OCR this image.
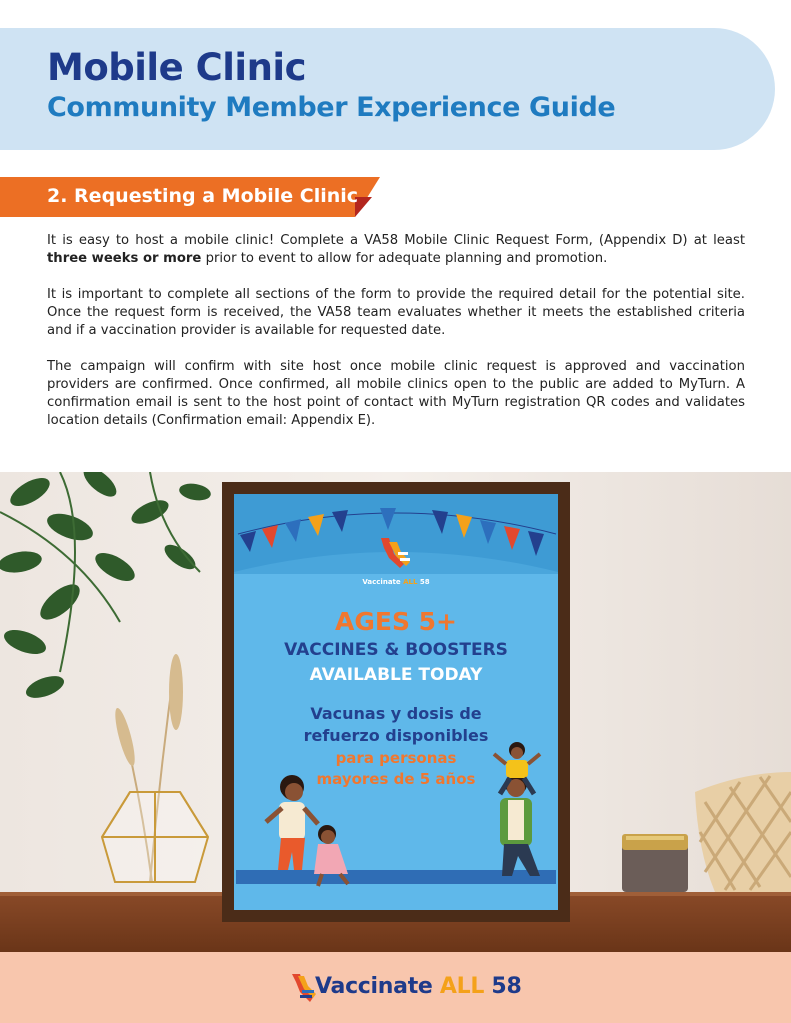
Mobile Clinic
Community Member Experience Guide
2. Requesting a Mobile Clinic
It is easy to host a mobile clinic! Complete a VA58 Mobile Clinic Request Form, (Appendix D) at least three weeks or more prior to event to allow for adequate planning and promotion.
It is important to complete all sections of the form to provide the required detail for the potential site. Once the request form is received, the VA58 team evaluates whether it meets the established criteria and if a vaccination provider is available for requested date.
The campaign will confirm with site host once mobile clinic request is approved and vaccination providers are confirmed. Once confirmed, all mobile clinics open to the public are added to MyTurn. A confirmation email is sent to the host point of contact with MyTurn registration QR codes and validates location details (Confirmation email: Appendix E).
Vaccinate ALL 58
AGES 5+
VACCINES & BOOSTERS
AVAILABLE TODAY
Vacunas y dosis de
refuerzo disponibles
para personas
mayores de 5 años
Vaccinate ALL 58
